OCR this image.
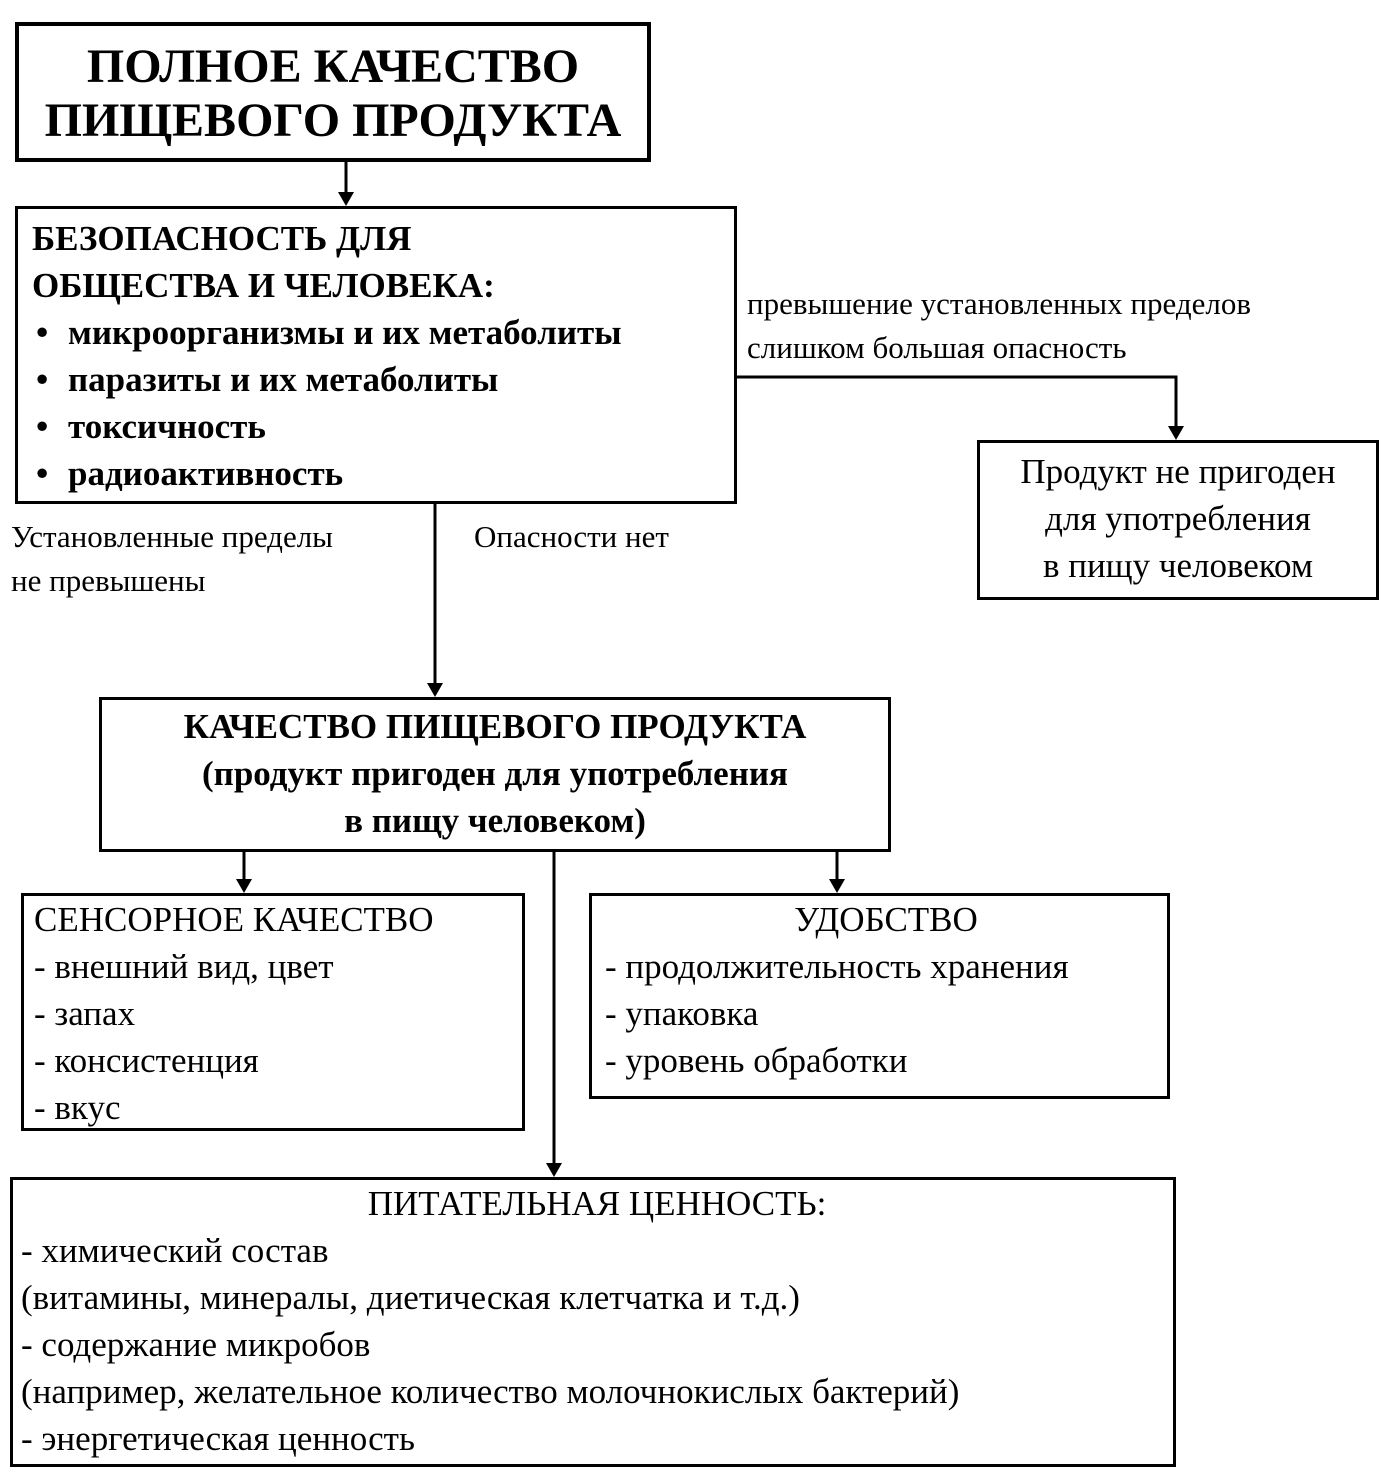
ПОЛНОЕ КАЧЕСТВО
ПИЩЕВОГО ПРОДУКТА
БЕЗОПАСНОСТЬ ДЛЯ
ОБЩЕСТВА И ЧЕЛОВЕКА:
• микроорганизмы и их метаболиты
• паразиты и их метаболиты
• токсичность
• радиоактивность
превышение установленных пределов
слишком большая опасность
Продукт не пригоден
для употребления
в пищу человеком
Установленные пределы
не превышены
Опасности нет
КАЧЕСТВО ПИЩЕВОГО ПРОДУКТА
(продукт пригоден для употребления
в пищу человеком)
СЕНСОРНОЕ КАЧЕСТВО
- внешний вид, цвет
- запах
- консистенция
- вкус
УДОБСТВО
- продолжительность хранения
- упаковка
- уровень обработки
ПИТАТЕЛЬНАЯ ЦЕННОСТЬ:
- химический состав
(витамины, минералы, диетическая клетчатка и т.д.)
- содержание микробов
(например, желательное количество молочнокислых бактерий)
- энергетическая ценность
